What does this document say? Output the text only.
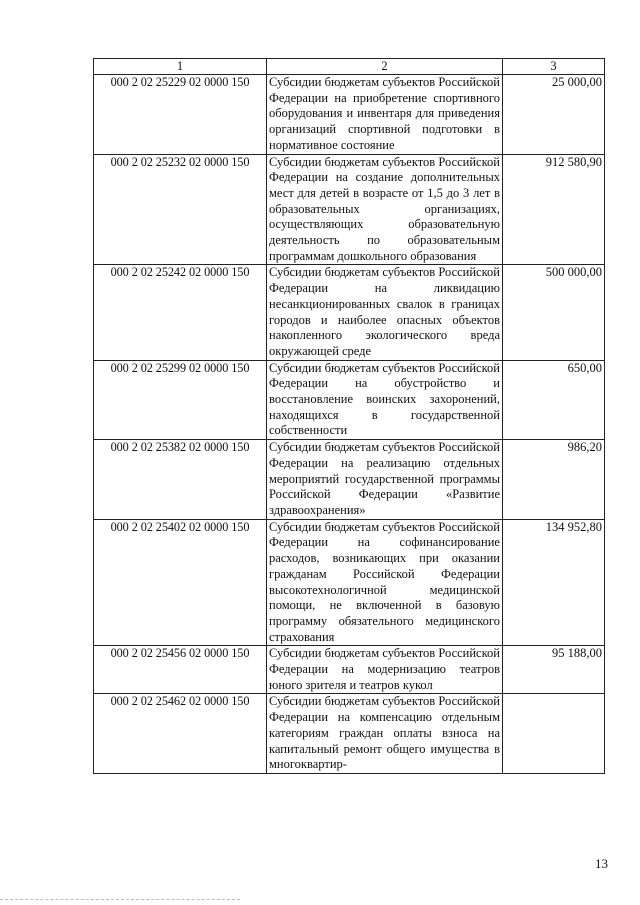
1	2	3
000 2 02 25229 02 0000 150	Субсидии бюджетам субъектов Российской Федерации на приобретение спортивного оборудования и инвентаря для приведения организаций спортивной подготовки в нормативное состояние	25 000,00
000 2 02 25232 02 0000 150	Субсидии бюджетам субъектов Российской Федерации на создание дополнительных мест для детей в возрасте от 1,5 до 3 лет в образовательных организациях, осуществляющих образовательную деятельность по образовательным программам дошкольного образования	912 580,90
000 2 02 25242 02 0000 150	Субсидии бюджетам субъектов Российской Федерации на ликвидацию несанкционированных свалок в границах городов и наиболее опасных объектов накопленного экологического вреда окружающей среде	500 000,00
000 2 02 25299 02 0000 150	Субсидии бюджетам субъектов Российской Федерации на обустройство и восстановление воинских захоронений, находящихся в государственной собственности	650,00
000 2 02 25382 02 0000 150	Субсидии бюджетам субъектов Российской Федерации на реализацию отдельных мероприятий государственной программы Российской Федерации «Развитие здравоохранения»	986,20
000 2 02 25402 02 0000 150	Субсидии бюджетам субъектов Российской Федерации на софинансирование расходов, возникающих при оказании гражданам Российской Федерации высокотехнологичной медицинской помощи, не включенной в базовую программу обязательного медицинского страхования	134 952,80
000 2 02 25456 02 0000 150	Субсидии бюджетам субъектов Российской Федерации на модернизацию театров юного зрителя и театров кукол	95 188,00
000 2 02 25462 02 0000 150	Субсидии бюджетам субъектов Российской Федерации на компенсацию отдельным категориям граждан оплаты взноса на капитальный ремонт общего имущества в многоквартир-	
13
